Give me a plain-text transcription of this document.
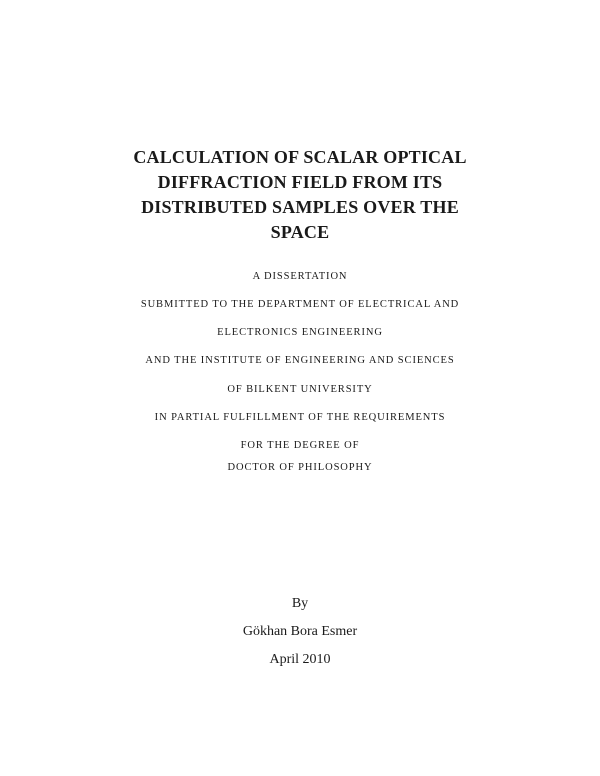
CALCULATION OF SCALAR OPTICAL
DIFFRACTION FIELD FROM ITS
DISTRIBUTED SAMPLES OVER THE
SPACE
A DISSERTATION
SUBMITTED TO THE DEPARTMENT OF ELECTRICAL AND
ELECTRONICS ENGINEERING
AND THE INSTITUTE OF ENGINEERING AND SCIENCES
OF BILKENT UNIVERSITY
IN PARTIAL FULFILLMENT OF THE REQUIREMENTS
FOR THE DEGREE OF
DOCTOR OF PHILOSOPHY
By
Gökhan Bora Esmer
April 2010
